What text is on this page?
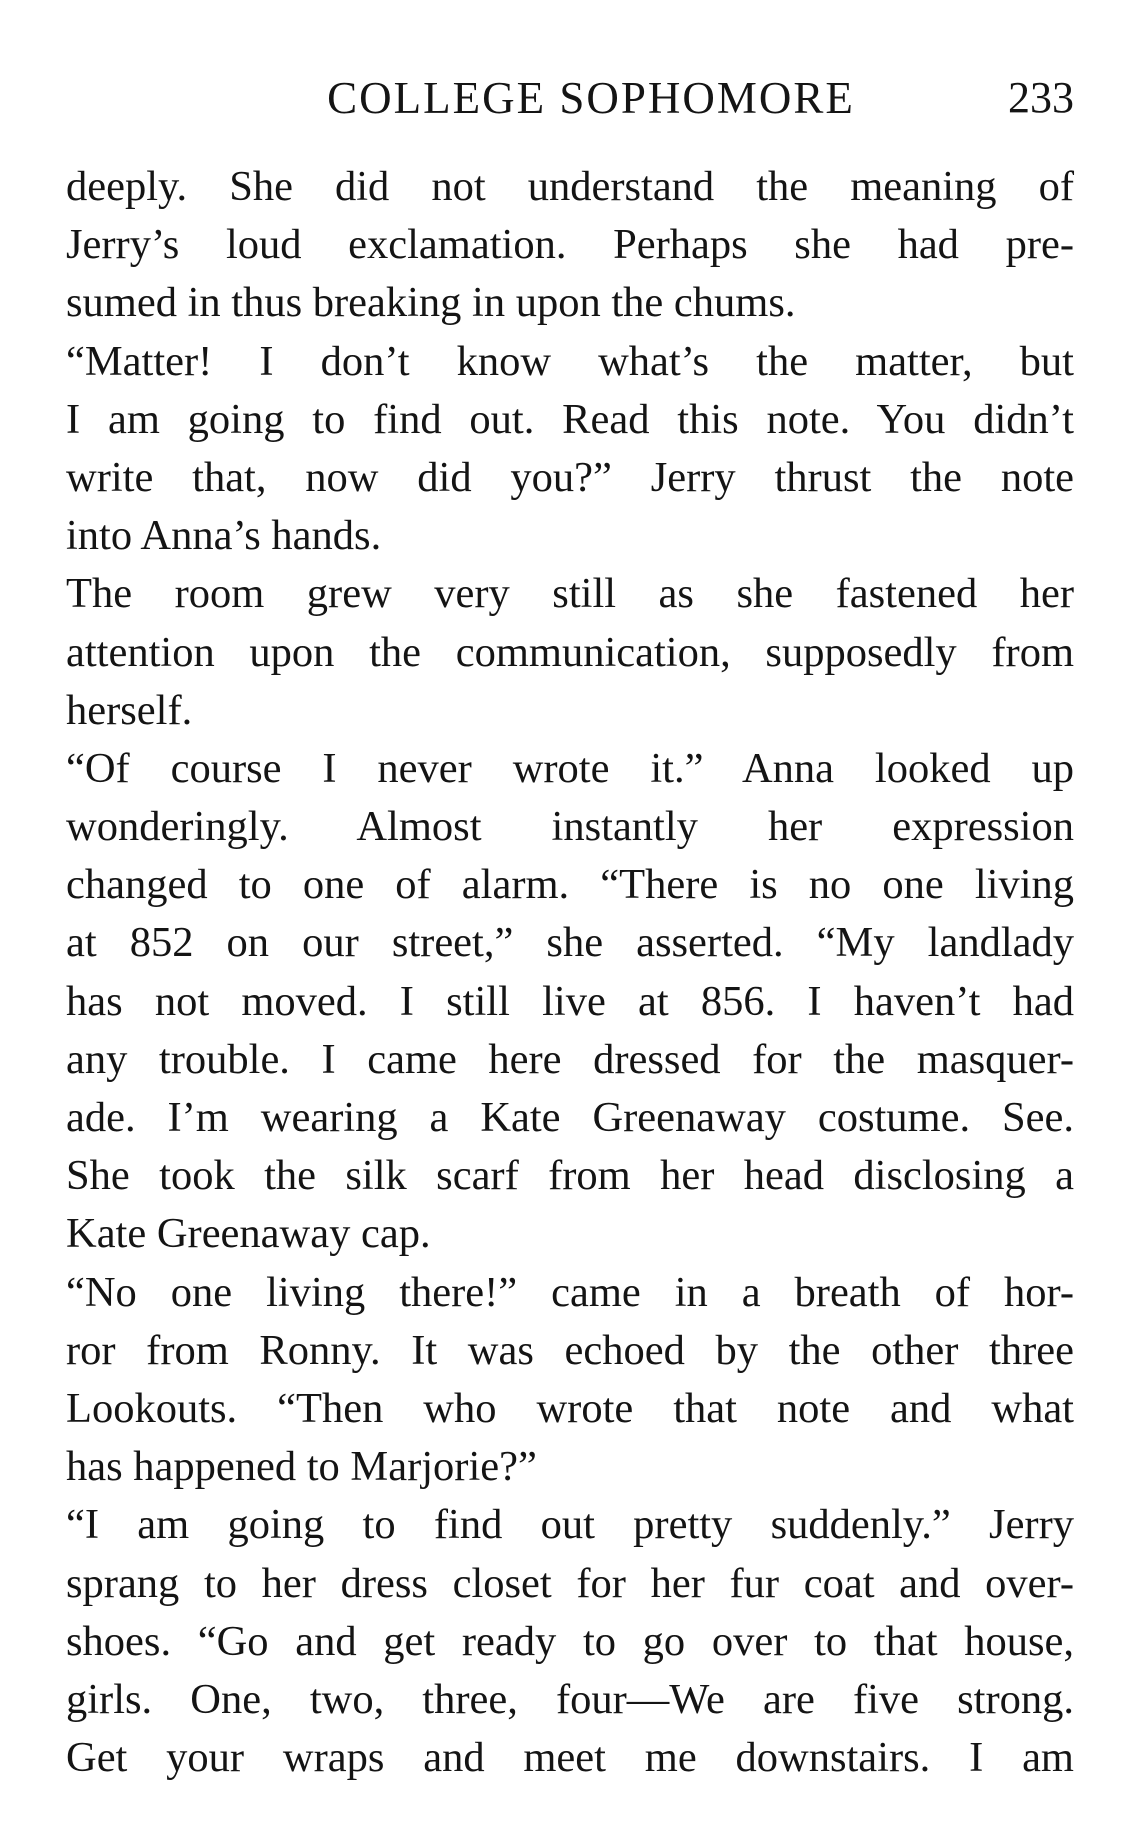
COLLEGE SOPHOMORE	233
deeply. She did not understand the meaning of
Jerry’s loud exclamation. Perhaps she had pre-
sumed in thus breaking in upon the chums.
“Matter! I don’t know what’s the matter, but
I am going to find out. Read this note. You didn’t
write that, now did you?” Jerry thrust the note
into Anna’s hands.
The room grew very still as she fastened her
attention upon the communication, supposedly from
herself.
“Of course I never wrote it.” Anna looked up
wonderingly. Almost instantly her expression
changed to one of alarm. “There is no one living
at 852 on our street,” she asserted. “My landlady
has not moved. I still live at 856. I haven’t had
any trouble. I came here dressed for the masquer-
ade. I’m wearing a Kate Greenaway costume. See.
She took the silk scarf from her head disclosing a
Kate Greenaway cap.
“No one living there!” came in a breath of hor-
ror from Ronny. It was echoed by the other three
Lookouts. “Then who wrote that note and what
has happened to Marjorie?”
“I am going to find out pretty suddenly.” Jerry
sprang to her dress closet for her fur coat and over-
shoes. “Go and get ready to go over to that house,
girls. One, two, three, four—We are five strong.
Get your wraps and meet me downstairs. I am
